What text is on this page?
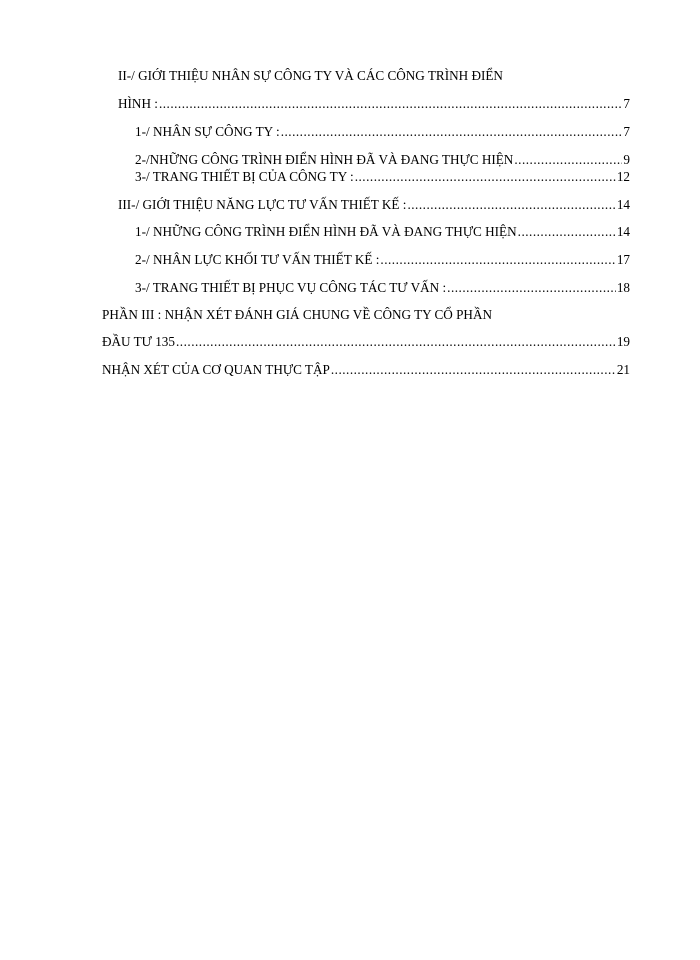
II-/ GIỚI THIỆU NHÂN SỰ CÔNG TY VÀ CÁC CÔNG TRÌNH ĐIỂN
HÌNH : .....	7
1-/ NHÂN SỰ CÔNG TY : .....	7
2-/NHỮNG CÔNG TRÌNH ĐIỂN HÌNH ĐÃ VÀ ĐANG THỰC HIỆN .....	9
3-/ TRANG THIẾT BỊ CỦA CÔNG TY : .....	12
III-/ GIỚI THIỆU NĂNG LỰC TƯ VẤN THIẾT KẾ : .....	14
1-/ NHỮNG CÔNG TRÌNH ĐIỂN HÌNH ĐÃ VÀ ĐANG THỰC HIỆN .....	14
2-/ NHÂN LỰC KHỐI TƯ VẤN THIẾT KẾ : .....	17
3-/ TRANG THIẾT BỊ PHỤC VỤ CÔNG TÁC TƯ VẤN : .....	18
PHẦN III : NHẬN XÉT ĐÁNH GIÁ CHUNG VỀ CÔNG TY CỔ PHẦN
ĐẦU TƯ 135 .....	19
NHẬN XÉT CỦA CƠ QUAN THỰC TẬP .....	21
